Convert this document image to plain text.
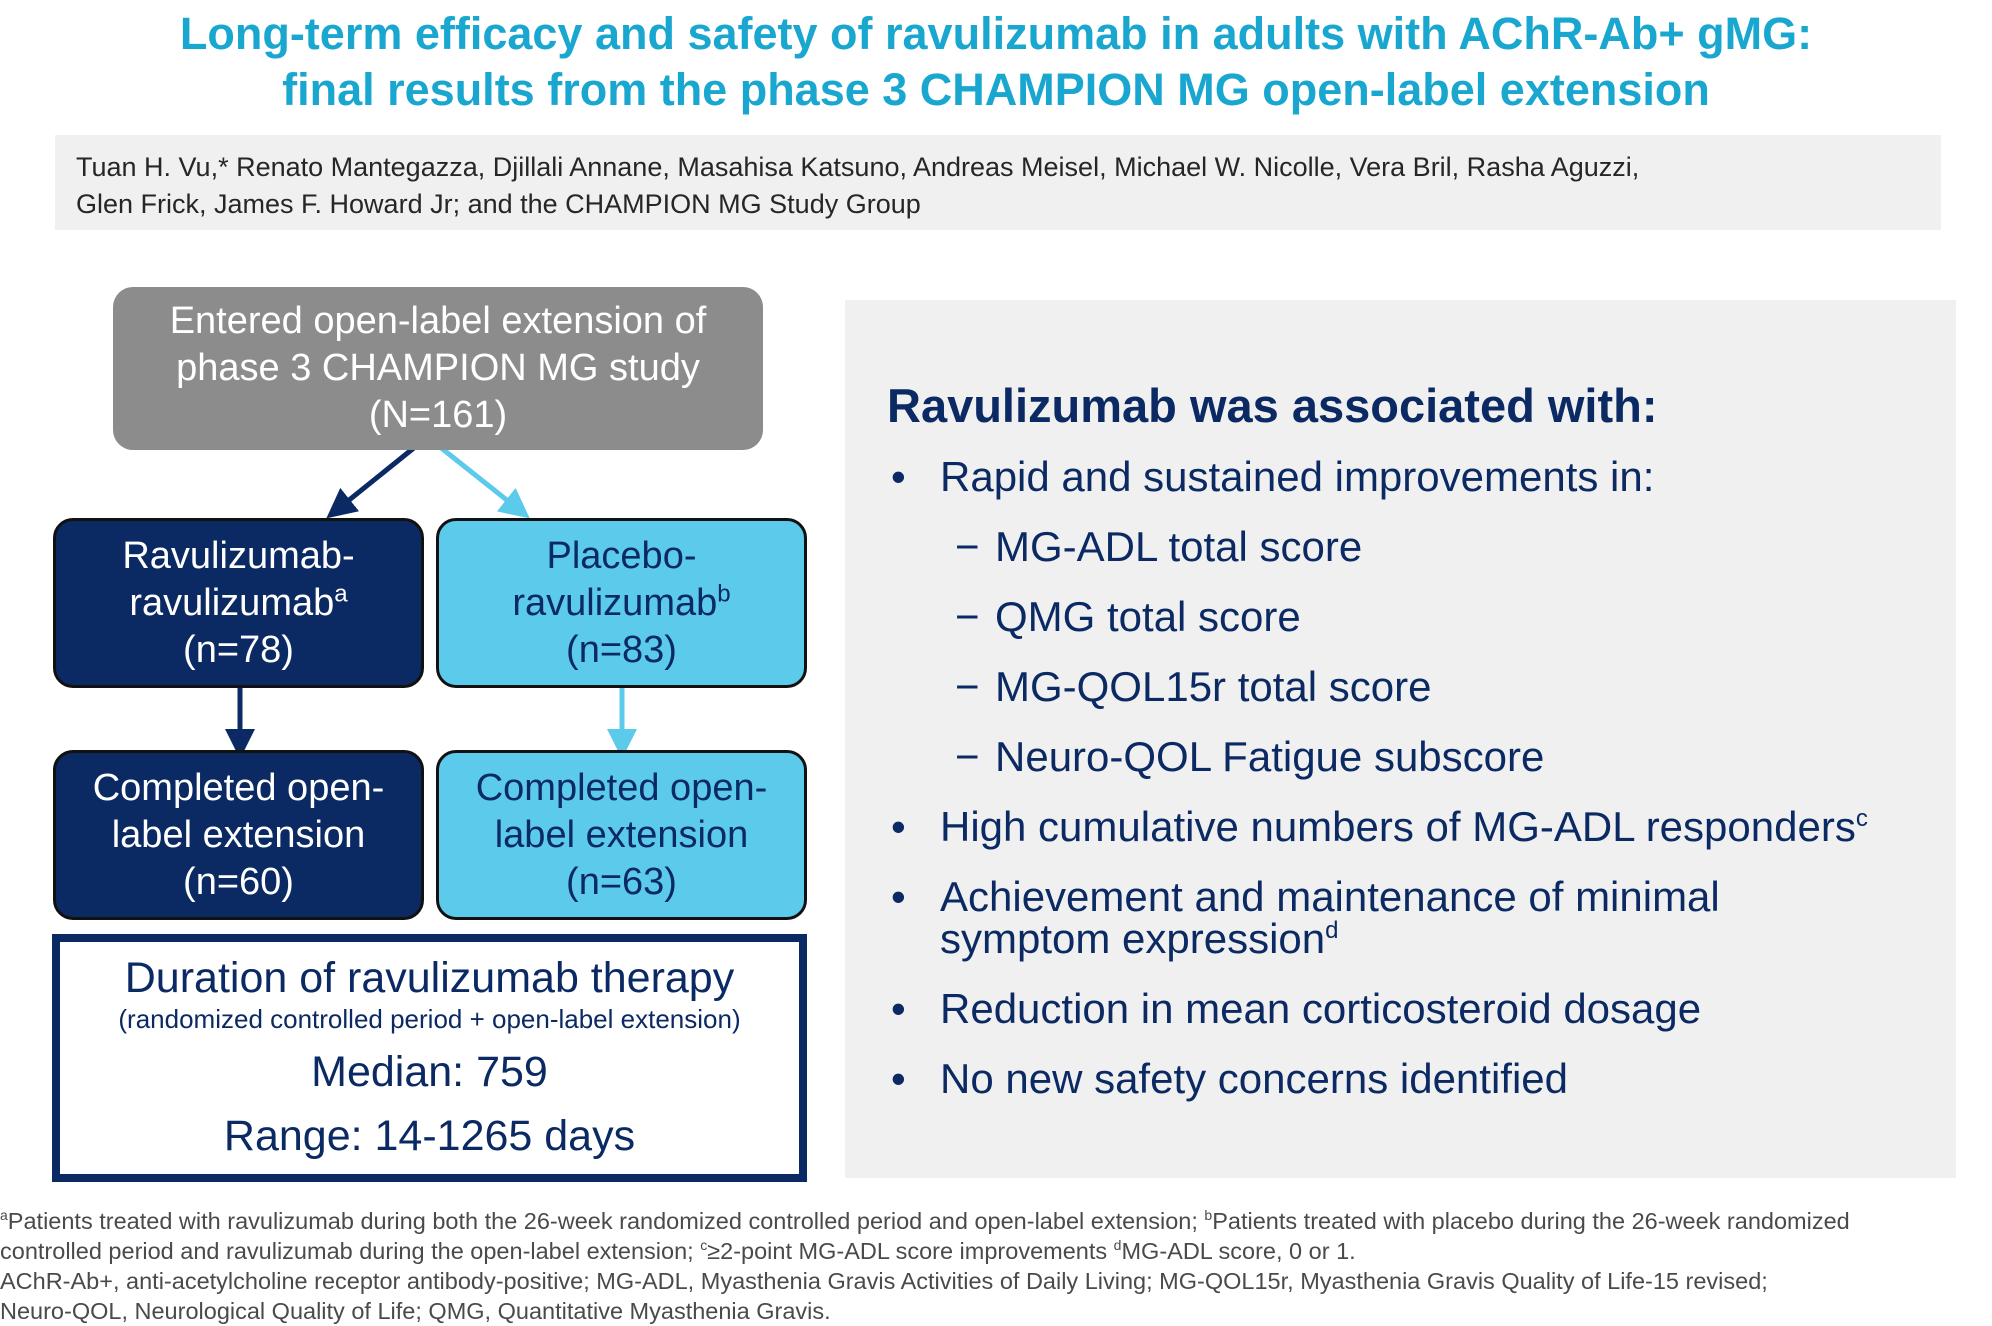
Long-term efficacy and safety of ravulizumab in adults with AChR-Ab+ gMG:
final results from the phase 3 CHAMPION MG open-label extension
Tuan H. Vu,* Renato Mantegazza, Djillali Annane, Masahisa Katsuno, Andreas Meisel, Michael W. Nicolle, Vera Bril, Rasha Aguzzi,
Glen Frick, James F. Howard Jr; and the CHAMPION MG Study Group
Entered open-label extension of
phase 3 CHAMPION MG study
(N=161)
Ravulizumab-
ravulizumab$^a$
(n=78)
Placebo-
ravulizumab$^b$
(n=83)
Completed open-
label extension
(n=60)
Completed open-
label extension
(n=63)
Duration of ravulizumab therapy
(randomized controlled period + open-label extension)
Median: 759
Range: 14-1265 days
Ravulizumab was associated with:
• Rapid and sustained improvements in:
− MG-ADL total score
− QMG total score
− MG-QOL15r total score
− Neuro-QOL Fatigue subscore
• High cumulative numbers of MG-ADL responders$^c$
• Achievement and maintenance of minimal
symptom expression$^d$
• Reduction in mean corticosteroid dosage
• No new safety concerns identified
$^a$Patients treated with ravulizumab during both the 26-week randomized controlled period and open-label extension; $^b$Patients treated with placebo during the 26-week randomized
controlled period and ravulizumab during the open-label extension; $^c$≥2-point MG-ADL score improvements $^d$MG-ADL score, 0 or 1.
AChR-Ab+, anti-acetylcholine receptor antibody-positive; MG-ADL, Myasthenia Gravis Activities of Daily Living; MG-QOL15r, Myasthenia Gravis Quality of Life-15 revised;
Neuro-QOL, Neurological Quality of Life; QMG, Quantitative Myasthenia Gravis.
